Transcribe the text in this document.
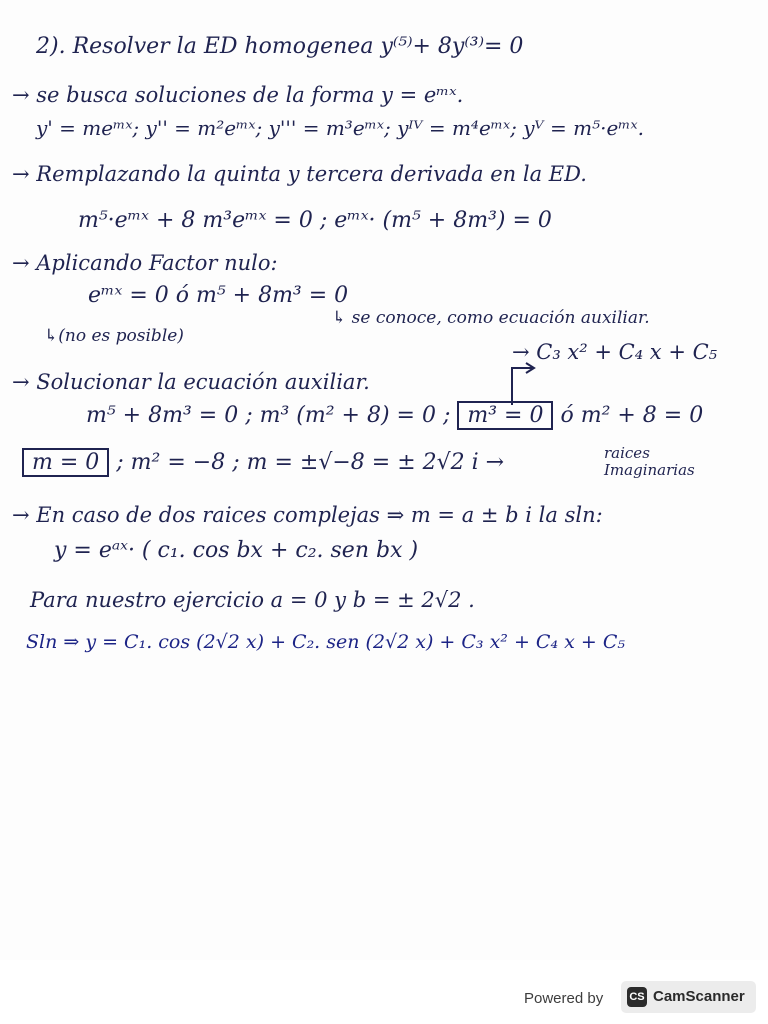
2). Resolver la ED homogenea y⁽⁵⁾+ 8y⁽³⁾= 0
→ se busca soluciones de la forma y = eᵐˣ.
y' = meᵐˣ; y'' = m²eᵐˣ; y''' = m³eᵐˣ; yᴵⱽ = m⁴eᵐˣ; yⱽ = m⁵·eᵐˣ.
→ Remplazando la quinta y tercera derivada en la ED.
m⁵·eᵐˣ + 8 m³eᵐˣ = 0 ; eᵐˣ· (m⁵ + 8m³) = 0
→ Aplicando Factor nulo:
eᵐˣ = 0 ó m⁵ + 8m³ = 0
↳ se conoce, como ecuación auxiliar.
↳(no es posible)
→ C₃ x² + C₄ x + C₅
→ Solucionar la ecuación auxiliar.
m⁵ + 8m³ = 0 ; m³ (m² + 8) = 0 ; m³ = 0 ó m² + 8 = 0
m = 0 ; m² = −8 ; m = ±√−8 = ± 2√2 i →	raices
Imaginarias
→ En caso de dos raices complejas ⇒ m = a ± b i la sln:
y = eᵃˣ· ( c₁. cos bx + c₂. sen bx )
Para nuestro ejercicio a = 0 y b = ± 2√2 .
Sln ⇒ y = C₁. cos (2√2 x) + C₂. sen (2√2 x) + C₃ x² + C₄ x + C₅
Powered by CS CamScanner
